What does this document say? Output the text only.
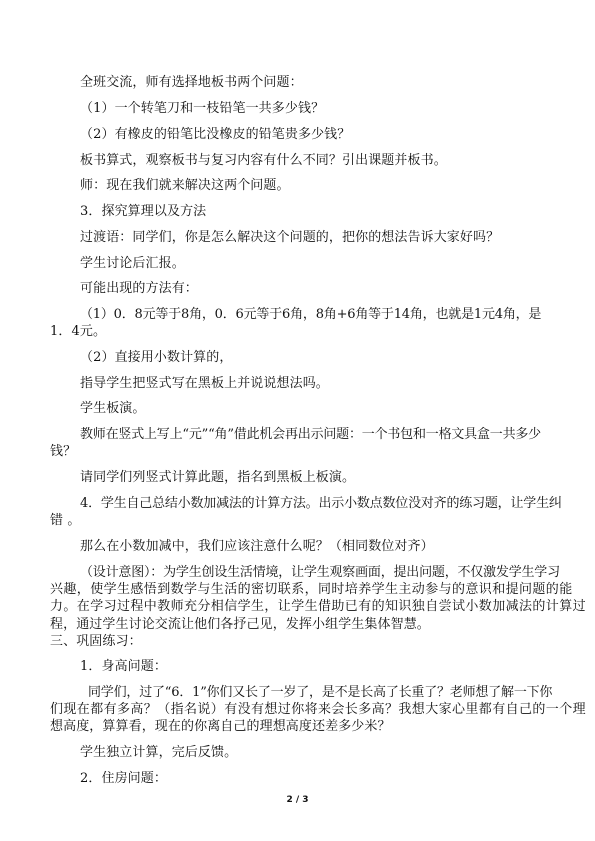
全班交流，师有选择地板书两个问题：
（1）一个转笔刀和一枝铅笔一共多少钱？
（2）有橡皮的铅笔比没橡皮的铅笔贵多少钱？
板书算式，观察板书与复习内容有什么不同？引出课题并板书。
师：现在我们就来解决这两个问题。
3．探究算理以及方法
过渡语：同学们，你是怎么解决这个问题的，把你的想法告诉大家好吗？
学生讨论后汇报。
可能出现的方法有：
（1）0．8元等于8角，0．6元等于6角，8角+6角等于14角，也就是1元4角，是
1．4元。
（2）直接用小数计算的，
指导学生把竖式写在黑板上并说说想法吗。
学生板演。
教师在竖式上写上“元”“角”借此机会再出示问题：一个书包和一格文具盒一共多少
钱？
请同学们列竖式计算此题，指名到黑板上板演。
4．学生自己总结小数加减法的计算方法。出示小数点数位没对齐的练习题，让学生纠
错 。
那么在小数加减中，我们应该注意什么呢？（相同数位对齐）
（设计意图）：为学生创设生活情境，让学生观察画面，提出问题，不仅激发学生学习
兴趣，使学生感悟到数学与生活的密切联系，同时培养学生主动参与的意识和提问题的能
力。在学习过程中教师充分相信学生，让学生借助已有的知识独自尝试小数加减法的计算过
程，通过学生讨论交流让他们各抒己见，发挥小组学生集体智慧。
三、巩固练习：
1．身高问题：
同学们，过了“6．1”你们又长了一岁了，是不是长高了长重了？老师想了解一下你
们现在都有多高？（指名说）有没有想过你将来会长多高？我想大家心里都有自己的一个理
想高度，算算看，现在的你离自己的理想高度还差多少米？
学生独立计算，完后反馈。
2．住房问题：
2 / 3
